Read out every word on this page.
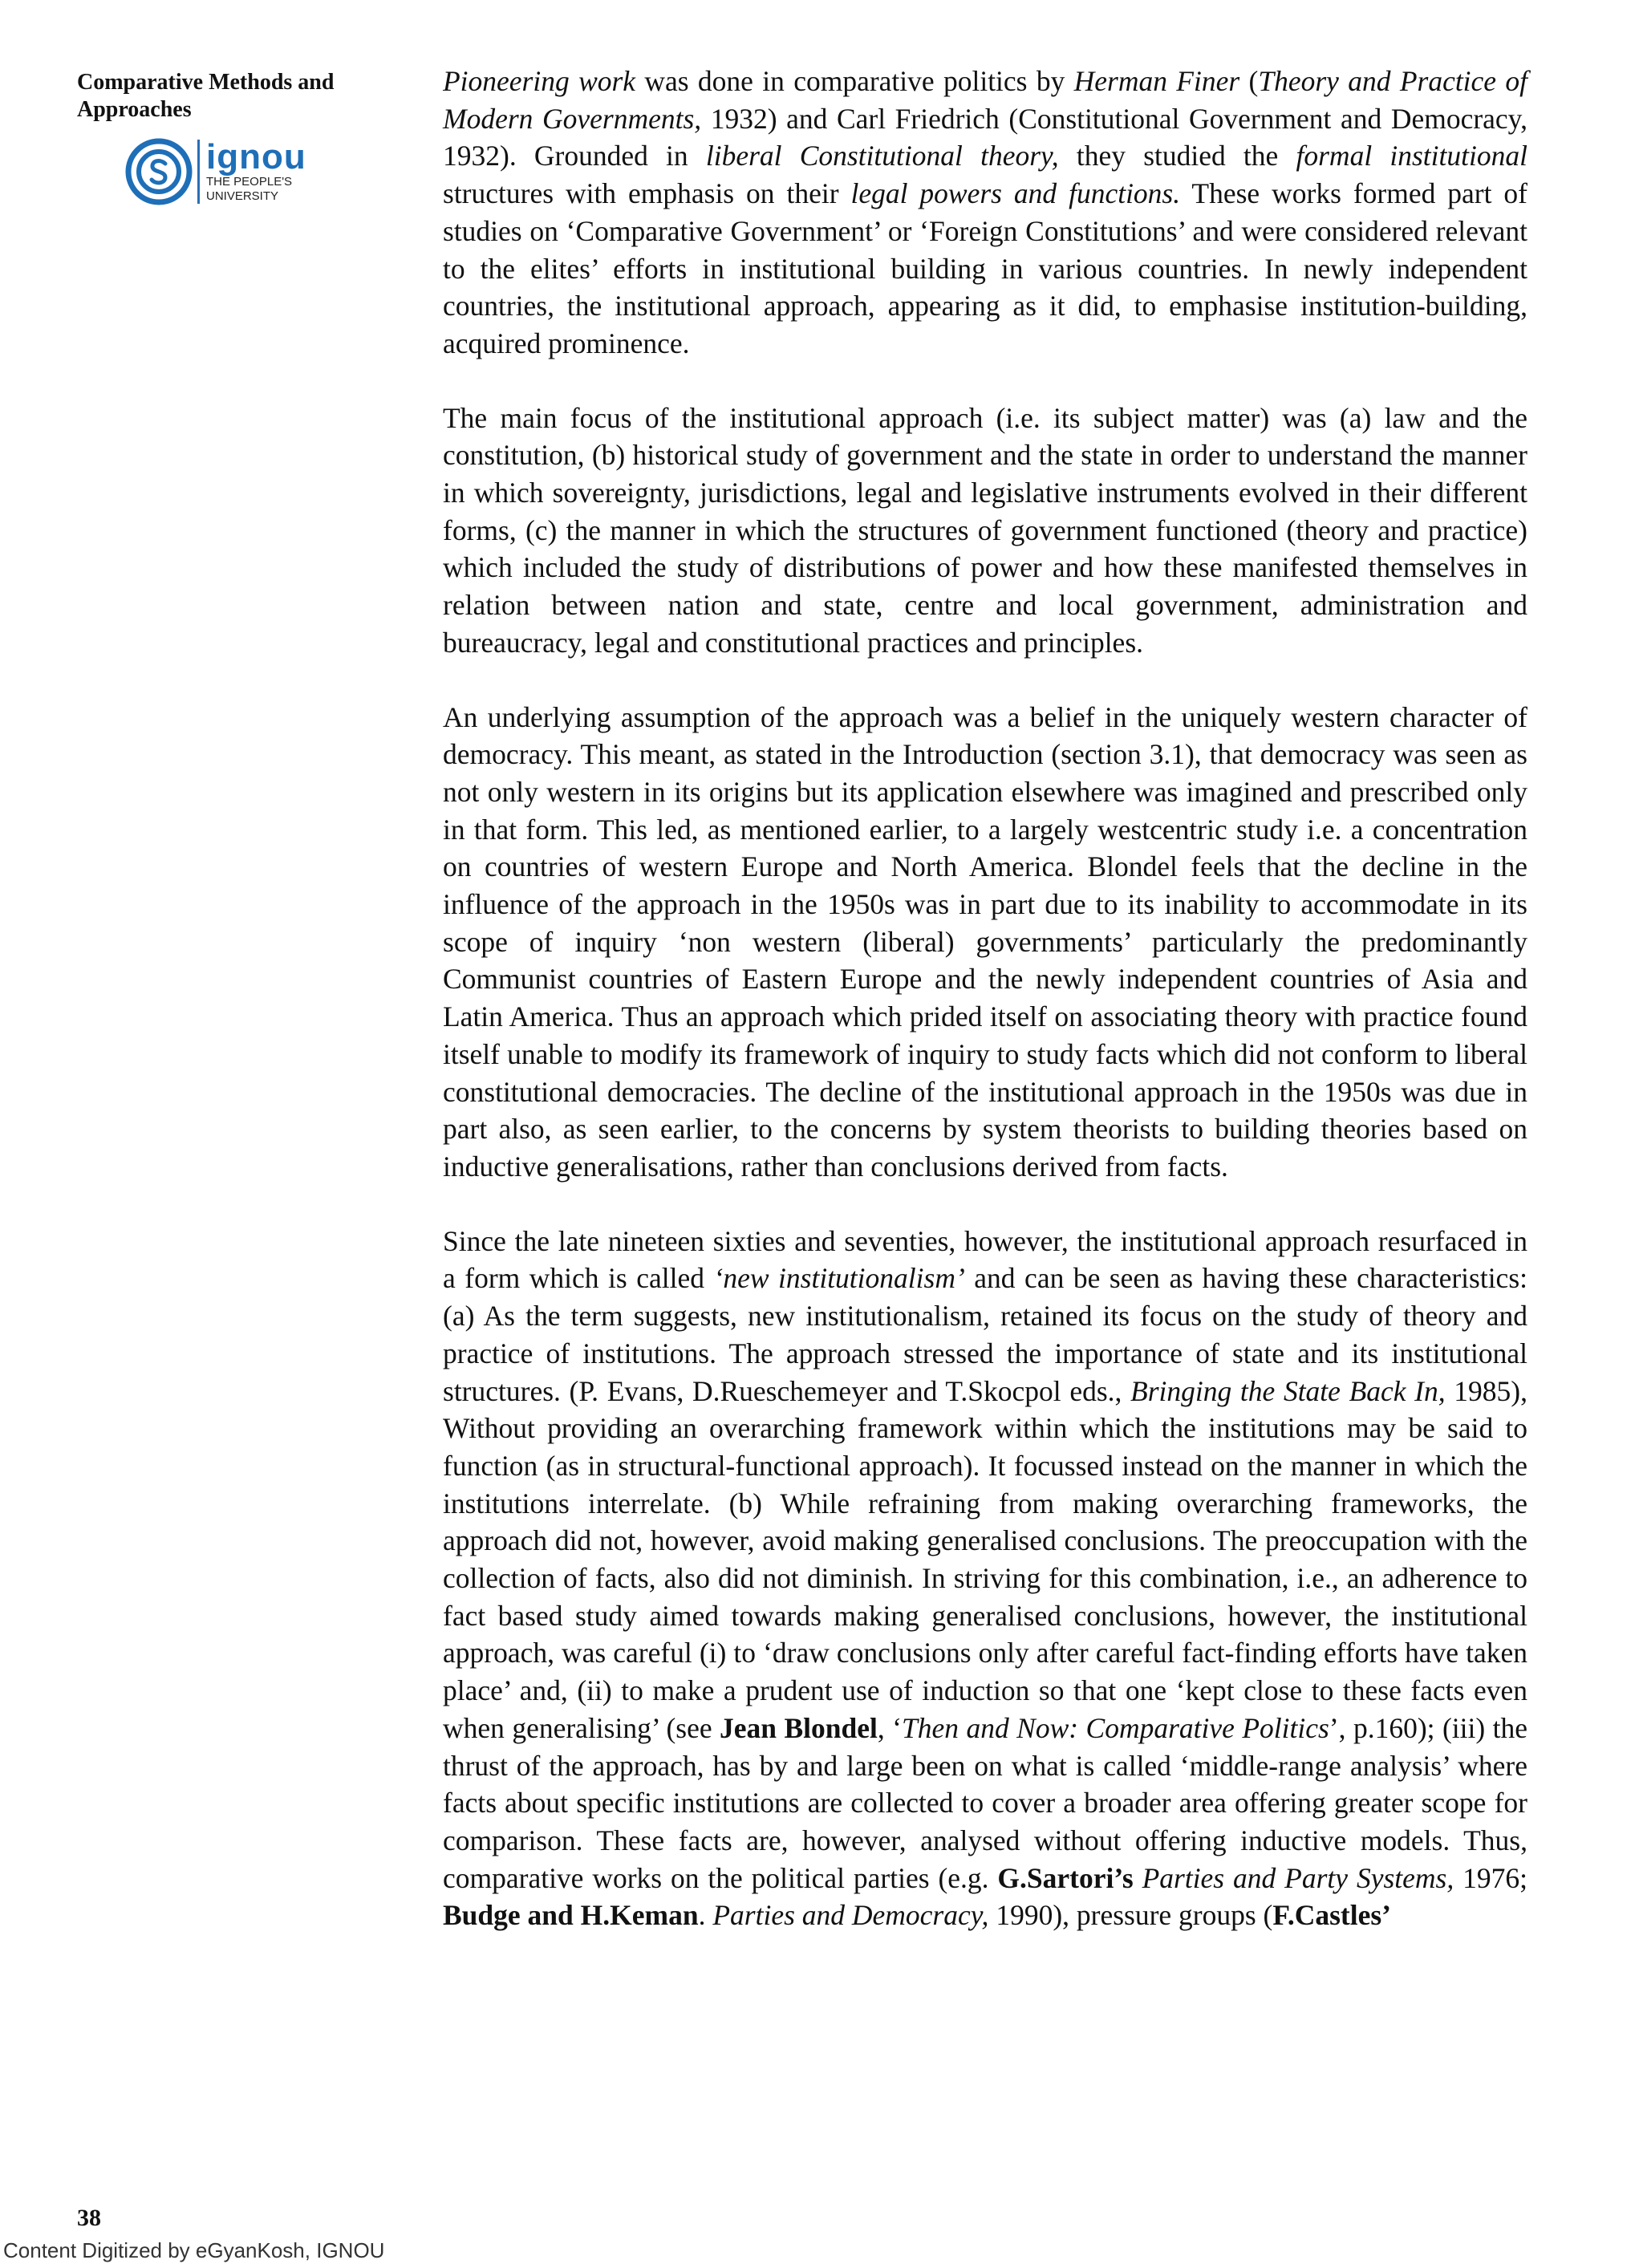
Comparative Methods and
Approaches
ignou
THE PEOPLE'S
UNIVERSITY

Pioneering work was done in comparative politics by Herman Finer (Theory and Practice of Modern Governments, 1932) and Carl Friedrich (Constitutional Government and Democracy, 1932). Grounded in liberal Constitutional theory, they studied the formal institutional structures with emphasis on their legal powers and functions. These works formed part of studies on ‘Comparative Government’ or ‘Foreign Constitutions’ and were considered relevant to the elites’ efforts in institutional building in various countries. In newly independent countries, the institutional approach, appearing as it did, to emphasise institution-building, acquired prominence.

The main focus of the institutional approach (i.e. its subject matter) was (a) law and the constitution, (b) historical study of government and the state in order to understand the manner in which sovereignty, jurisdictions, legal and legislative instruments evolved in their different forms, (c) the manner in which the structures of government functioned (theory and practice) which included the study of distributions of power and how these manifested themselves in relation between nation and state, centre and local government, administration and bureaucracy, legal and constitutional practices and principles.

An underlying assumption of the approach was a belief in the uniquely western character of democracy. This meant, as stated in the Introduction (section 3.1), that democracy was seen as not only western in its origins but its application elsewhere was imagined and prescribed only in that form. This led, as mentioned earlier, to a largely westcentric study i.e. a concentration on countries of western Europe and North America. Blondel feels that the decline in the influence of the approach in the 1950s was in part due to its inability to accommodate in its scope of inquiry ‘non western (liberal) governments’ particularly the predominantly Communist countries of Eastern Europe and the newly independent countries of Asia and Latin America. Thus an approach which prided itself on associating theory with practice found itself unable to modify its framework of inquiry to study facts which did not conform to liberal constitutional democracies. The decline of the institutional approach in the 1950s was due in part also, as seen earlier, to the concerns by system theorists to building theories based on inductive generalisations, rather than conclusions derived from facts.

Since the late nineteen sixties and seventies, however, the institutional approach resurfaced in a form which is called ‘new institutionalism’ and can be seen as having these characteristics: (a) As the term suggests, new institutionalism, retained its focus on the study of theory and practice of institutions. The approach stressed the importance of state and its institutional structures. (P. Evans, D.Rueschemeyer and T.Skocpol eds., Bringing the State Back In, 1985), Without providing an overarching framework within which the institutions may be said to function (as in structural-functional approach). It focussed instead on the manner in which the institutions interrelate. (b) While refraining from making overarching frameworks, the approach did not, however, avoid making generalised conclusions. The preoccupation with the collection of facts, also did not diminish. In striving for this combination, i.e., an adherence to fact based study aimed towards making generalised conclusions, however, the institutional approach, was careful (i) to ‘draw conclusions only after careful fact-finding efforts have taken place’ and, (ii) to make a prudent use of induction so that one ‘kept close to these facts even when generalising’ (see Jean Blondel, ‘Then and Now: Comparative Politics’, p.160); (iii) the thrust of the approach, has by and large been on what is called ‘middle-range analysis’ where facts about specific institutions are collected to cover a broader area offering greater scope for comparison. These facts are, however, analysed without offering inductive models. Thus, comparative works on the political parties (e.g. G.Sartori’s Parties and Party Systems, 1976; Budge and H.Keman. Parties and Democracy, 1990), pressure groups (F.Castles’

38
Content Digitized by eGyanKosh, IGNOU
